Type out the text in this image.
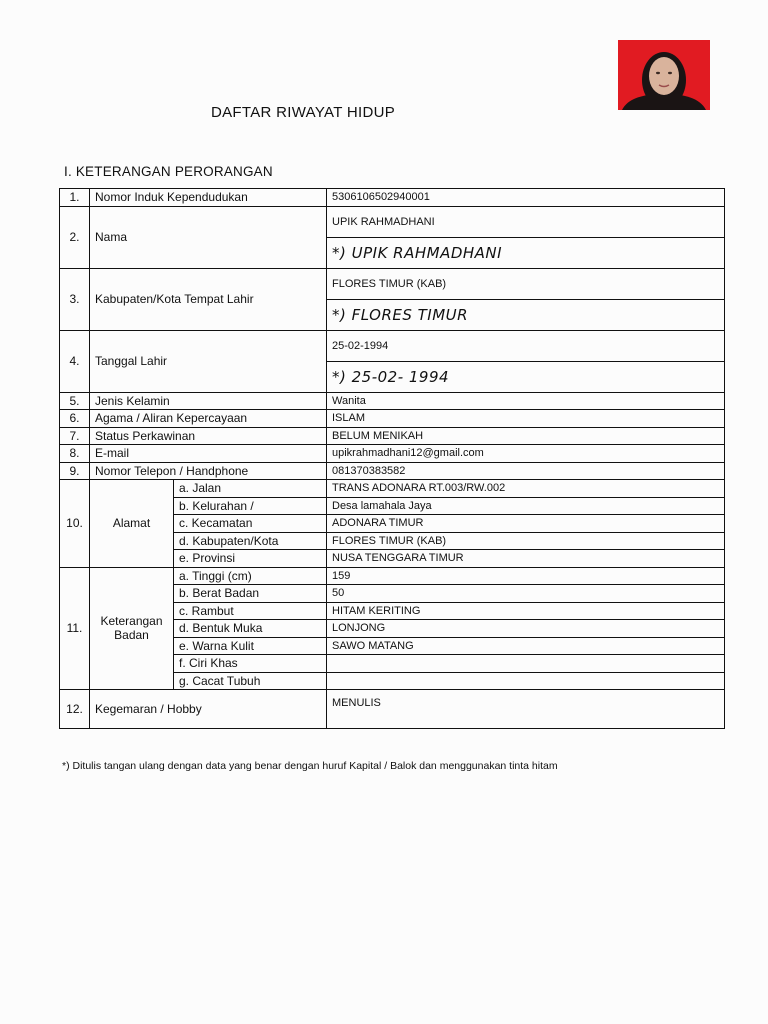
DAFTAR RIWAYAT HIDUP
I. KETERANGAN PERORANGAN
1.	Nomor Induk Kependudukan		5306106502940001
2.	Nama		UPIK RAHMADHANI
			*) UPIK RAHMADHANI
3.	Kabupaten/Kota Tempat Lahir		FLORES TIMUR (KAB)
			*) FLORES TIMUR
4.	Tanggal Lahir		25-02-1994
			*) 25-02- 1994
5.	Jenis Kelamin		Wanita
6.	Agama / Aliran Kepercayaan		ISLAM
7.	Status Perkawinan		BELUM MENIKAH
8.	E-mail		upikrahmadhani12@gmail.com
9.	Nomor Telepon / Handphone		081370383582
10.	Alamat	a. Jalan	TRANS ADONARA RT.003/RW.002
		b. Kelurahan /	Desa lamahala Jaya
		c. Kecamatan	ADONARA TIMUR
		d. Kabupaten/Kota	FLORES TIMUR (KAB)
		e. Provinsi	NUSA TENGGARA TIMUR
11.	Keterangan
Badan	a. Tinggi (cm)	159
		b. Berat Badan	50
		c. Rambut	HITAM KERITING
		d. Bentuk Muka	LONJONG
		e. Warna Kulit	SAWO MATANG
		f. Ciri Khas	
		g. Cacat Tubuh	
12.	Kegemaran / Hobby		MENULIS
*) Ditulis tangan ulang dengan data yang benar dengan huruf Kapital / Balok dan menggunakan tinta hitam
